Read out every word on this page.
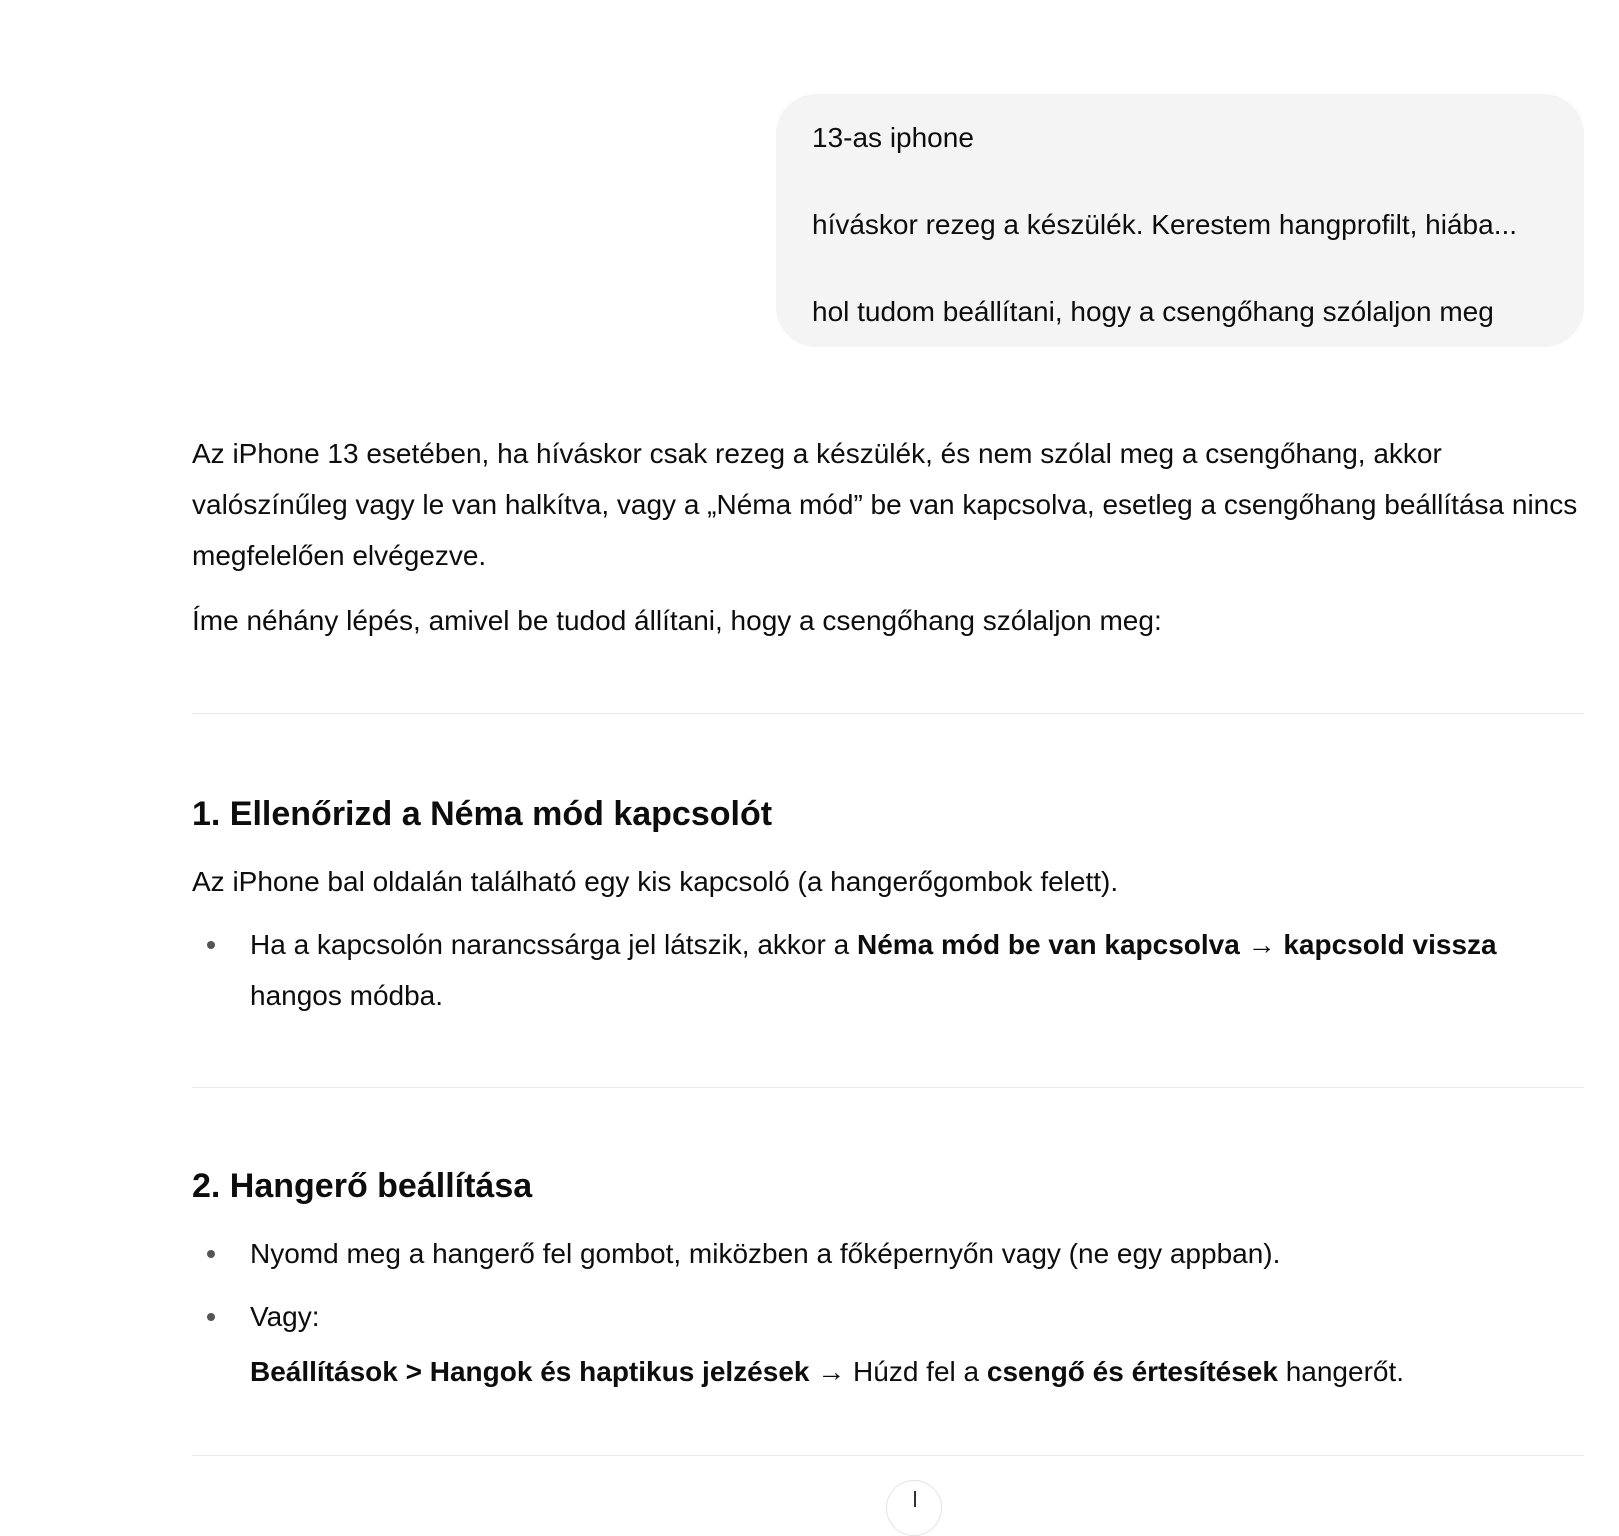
13-as iphone

híváskor rezeg a készülék. Kerestem hangprofilt, hiába...

hol tudom beállítani, hogy a csengőhang szólaljon meg

Az iPhone 13 esetében, ha híváskor csak rezeg a készülék, és nem szólal meg a csengőhang, akkor valószínűleg vagy le van halkítva, vagy a „Néma mód” be van kapcsolva, esetleg a csengőhang beállítása nincs megfelelően elvégezve.

Íme néhány lépés, amivel be tudod állítani, hogy a csengőhang szólaljon meg:

1. Ellenőrizd a Néma mód kapcsolót

Az iPhone bal oldalán található egy kis kapcsoló (a hangerőgombok felett).

Ha a kapcsolón narancssárga jel látszik, akkor a Néma mód be van kapcsolva → kapcsold vissza hangos módba.
2. Hangerő beállítása
Nyomd meg a hangerő fel gombot, miközben a főképernyőn vagy (ne egy appban).
Vagy:
Beállítások > Hangok és haptikus jelzések → Húzd fel a csengő és értesítések hangerőt.
